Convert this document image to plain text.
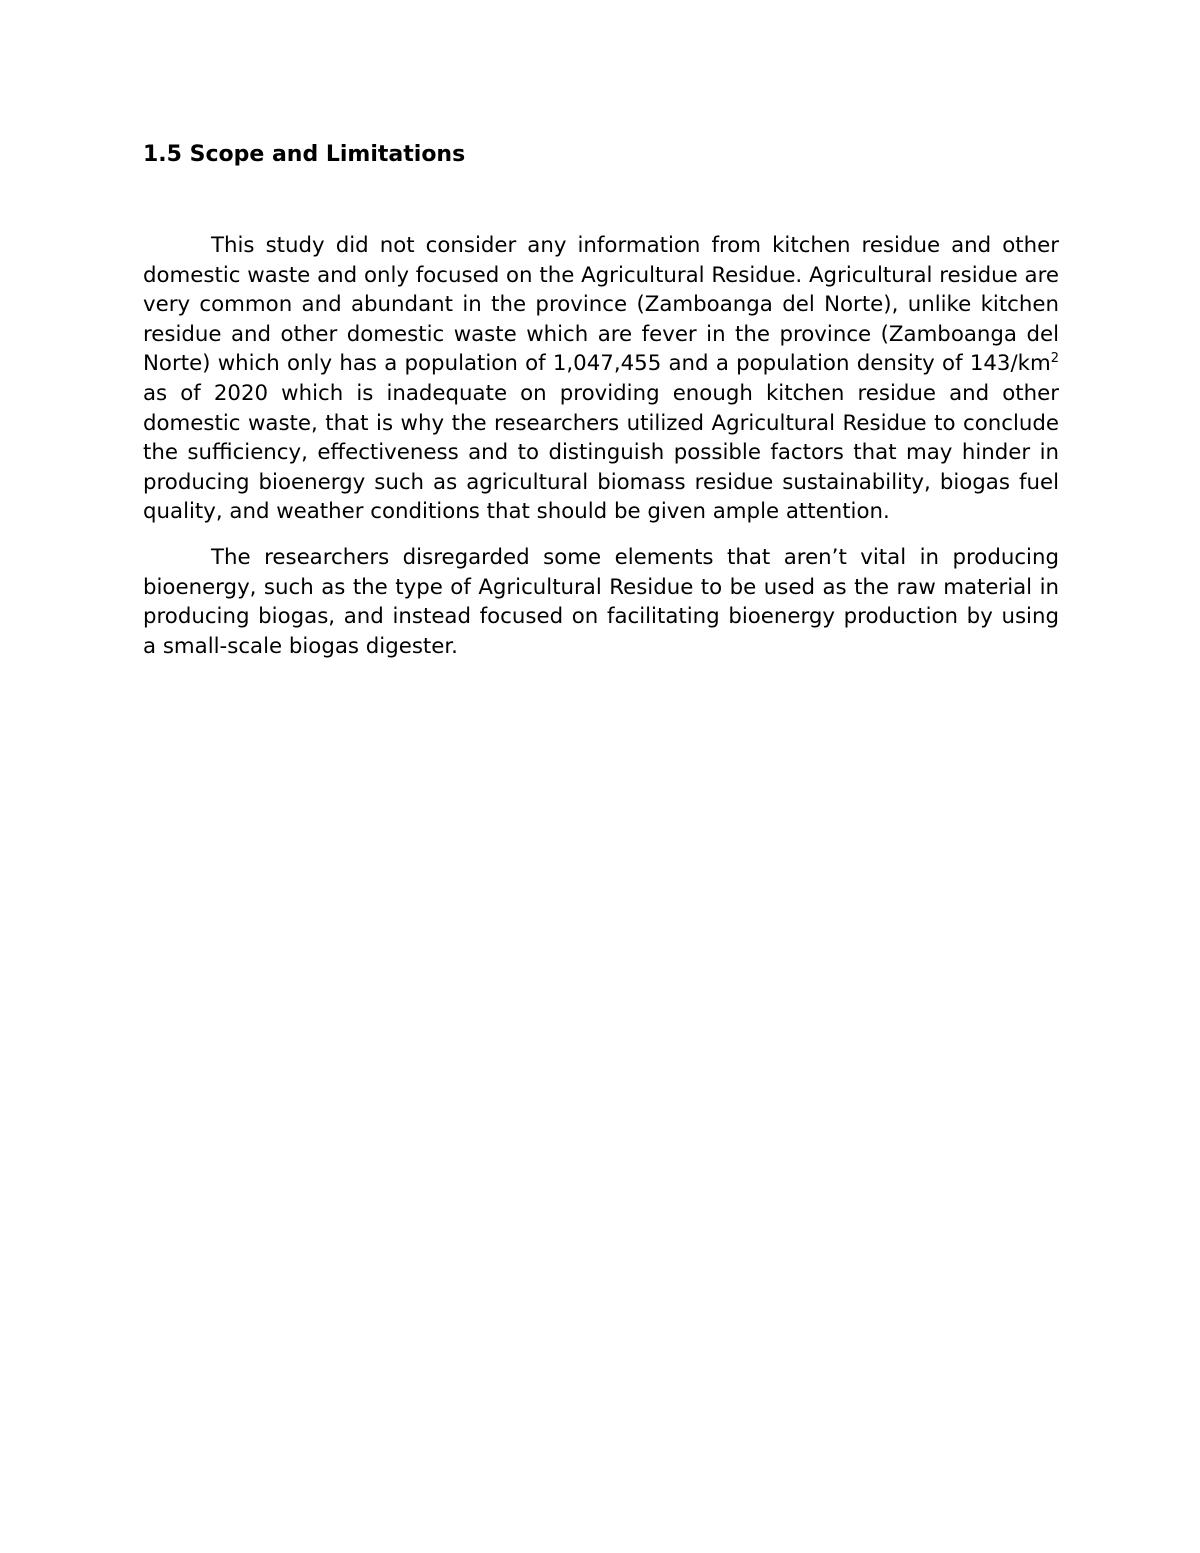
1.5 Scope and Limitations

This study did not consider any information from kitchen residue and other domestic waste and only focused on the Agricultural Residue. Agricultural residue are very common and abundant in the province (Zamboanga del Norte), unlike kitchen residue and other domestic waste which are fever in the province (Zamboanga del Norte) which only has a population of 1,047,455 and a population density of $143/km^2$ as of 2020 which is inadequate on providing enough kitchen residue and other domestic waste, that is why the researchers utilized Agricultural Residue to conclude the sufficiency, effectiveness and to distinguish possible factors that may hinder in producing bioenergy such as agricultural biomass residue sustainability, biogas fuel quality, and weather conditions that should be given ample attention.

The researchers disregarded some elements that aren’t vital in producing bioenergy, such as the type of Agricultural Residue to be used as the raw material in producing biogas, and instead focused on facilitating bioenergy production by using a small-scale biogas digester.
